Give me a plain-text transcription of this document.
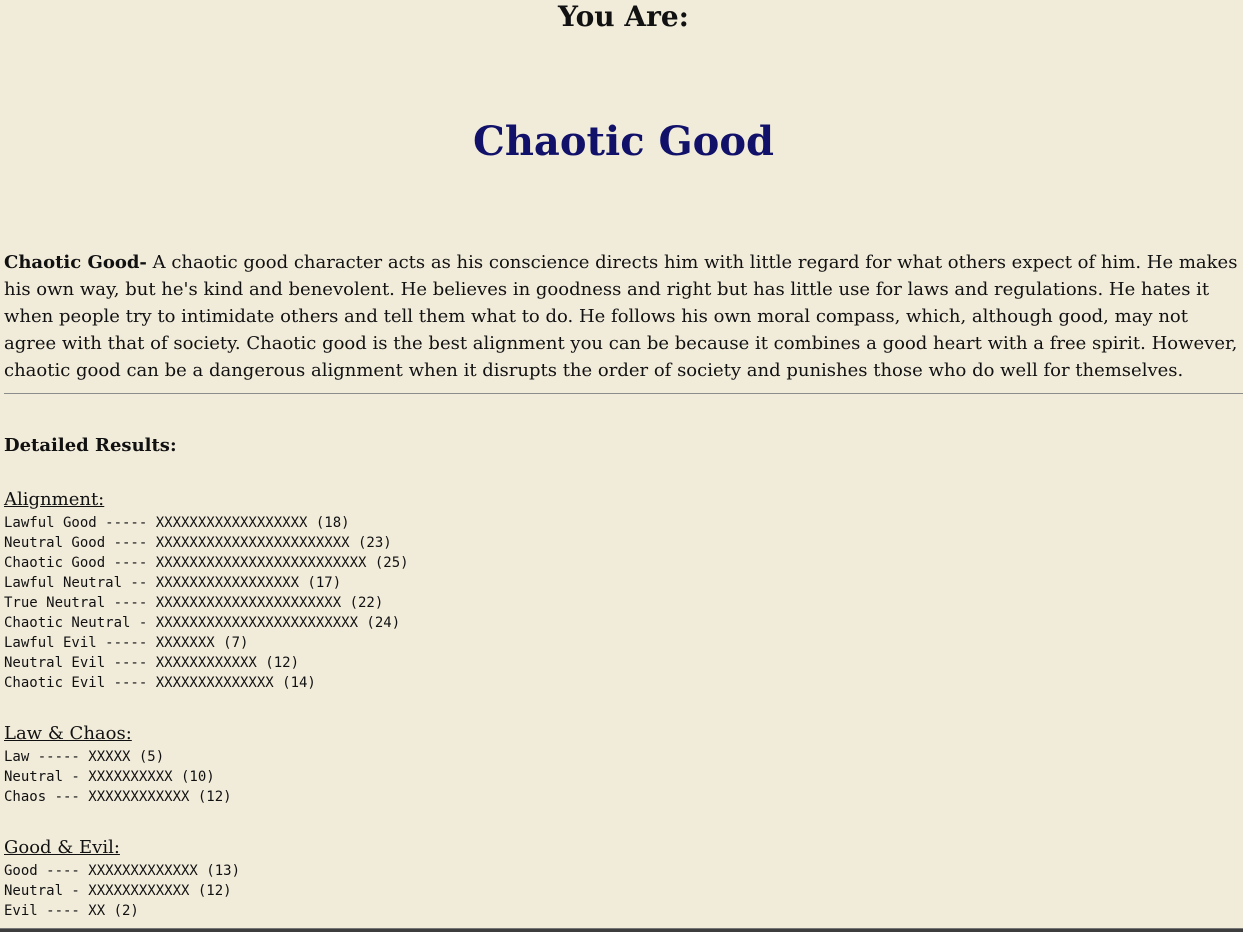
You Are:
Chaotic Good

Chaotic Good- A chaotic good character acts as his conscience directs him with little regard for what others expect of him. He makes his own way, but he's kind and benevolent. He believes in goodness and right but has little use for laws and regulations. He hates it when people try to intimidate others and tell them what to do. He follows his own moral compass, which, although good, may not agree with that of society. Chaotic good is the best alignment you can be because it combines a good heart with a free spirit. However, chaotic good can be a dangerous alignment when it disrupts the order of society and punishes those who do well for themselves.

Detailed Results:
Alignment:
Lawful Good ----- XXXXXXXXXXXXXXXXXX (18)
Neutral Good ---- XXXXXXXXXXXXXXXXXXXXXXX (23)
Chaotic Good ---- XXXXXXXXXXXXXXXXXXXXXXXXX (25)
Lawful Neutral -- XXXXXXXXXXXXXXXXX (17)
True Neutral ---- XXXXXXXXXXXXXXXXXXXXXX (22)
Chaotic Neutral - XXXXXXXXXXXXXXXXXXXXXXXX (24)
Lawful Evil ----- XXXXXXX (7)
Neutral Evil ---- XXXXXXXXXXXX (12)
Chaotic Evil ---- XXXXXXXXXXXXXX (14)
Law & Chaos:
Law ----- XXXXX (5)
Neutral - XXXXXXXXXX (10)
Chaos --- XXXXXXXXXXXX (12)
Good & Evil:
Good ---- XXXXXXXXXXXXX (13)
Neutral - XXXXXXXXXXXX (12)
Evil ---- XX (2)
